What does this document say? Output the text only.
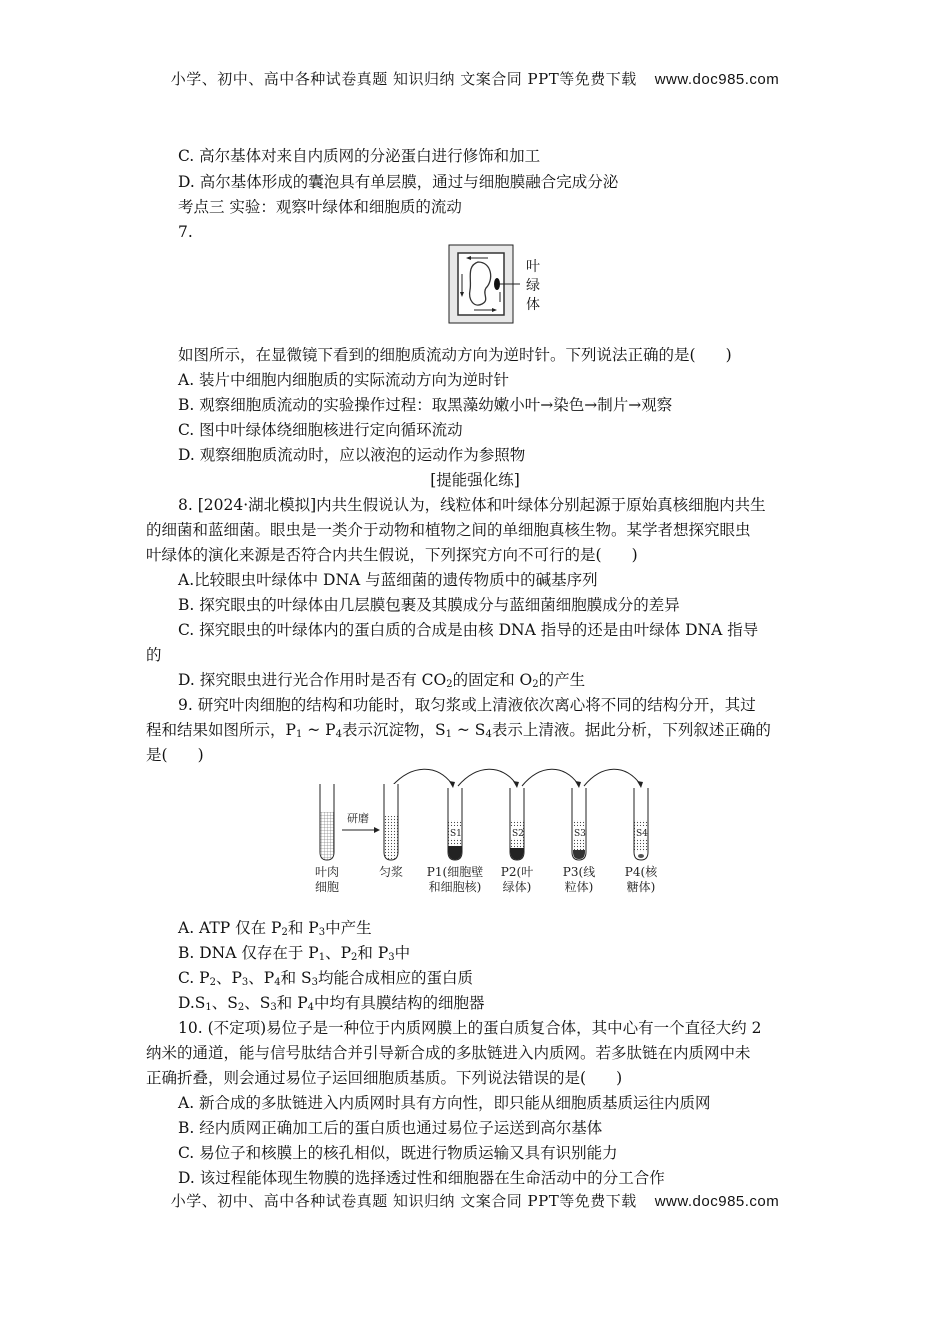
小学、初中、高中各种试卷真题 知识归纳 文案合同 PPT等免费下载 www.doc985.com
C. 高尔基体对来自内质网的分泌蛋白进行修饰和加工
D. 高尔基体形成的囊泡具有单层膜，通过与细胞膜融合完成分泌
考点三 实验：观察叶绿体和细胞质的流动
7.
叶
绿
体
如图所示，在显微镜下看到的细胞质流动方向为逆时针。下列说法正确的是( )
A. 装片中细胞内细胞质的实际流动方向为逆时针
B. 观察细胞质流动的实验操作过程：取黑藻幼嫩小叶→染色→制片→观察
C. 图中叶绿体绕细胞核进行定向循环流动
D. 观察细胞质流动时，应以液泡的运动作为参照物
[提能强化练]
8. [2024·湖北模拟]内共生假说认为，线粒体和叶绿体分别起源于原始真核细胞内共生
的细菌和蓝细菌。眼虫是一类介于动物和植物之间的单细胞真核生物。某学者想探究眼虫
叶绿体的演化来源是否符合内共生假说，下列探究方向不可行的是( )
A.比较眼虫叶绿体中 DNA 与蓝细菌的遗传物质中的碱基序列
B. 探究眼虫的叶绿体由几层膜包裹及其膜成分与蓝细菌细胞膜成分的差异
C. 探究眼虫的叶绿体内的蛋白质的合成是由核 DNA 指导的还是由叶绿体 DNA 指导
的
D. 探究眼虫进行光合作用时是否有 $CO_2$的固定和 $O_2$的产生
9. 研究叶肉细胞的结构和功能时，取匀浆或上清液依次离心将不同的结构分开，其过
程和结果如图所示，$P_1$ ~ $P_4$表示沉淀物，$S_1$ ~ $S_4$表示上清液。据此分析，下列叙述正确的
是( )
研磨
S1	S2	S3	S4
叶肉
细胞
匀浆 P1(细胞壁
和细胞核)
P2(叶
绿体)
P3(线
粒体)
P4(核
糖体)
A. ATP 仅在 $P_2$和 $P_3$中产生
B. DNA 仅存在于 $P_1$、$P_2$和 $P_3$中
C. $P_2$、$P_3$、$P_4$和 $S_3$均能合成相应的蛋白质
$D.S_1$、$S_2$、$S_3$和 $P_4$中均有具膜结构的细胞器
10. (不定项)易位子是一种位于内质网膜上的蛋白质复合体，其中心有一个直径大约 2
纳米的通道，能与信号肽结合并引导新合成的多肽链进入内质网。若多肽链在内质网中未
正确折叠，则会通过易位子运回细胞质基质。下列说法错误的是( )
A. 新合成的多肽链进入内质网时具有方向性，即只能从细胞质基质运往内质网
B. 经内质网正确加工后的蛋白质也通过易位子运送到高尔基体
C. 易位子和核膜上的核孔相似，既进行物质运输又具有识别能力
D. 该过程能体现生物膜的选择透过性和细胞器在生命活动中的分工合作
小学、初中、高中各种试卷真题 知识归纳 文案合同 PPT等免费下载 www.doc985.com
